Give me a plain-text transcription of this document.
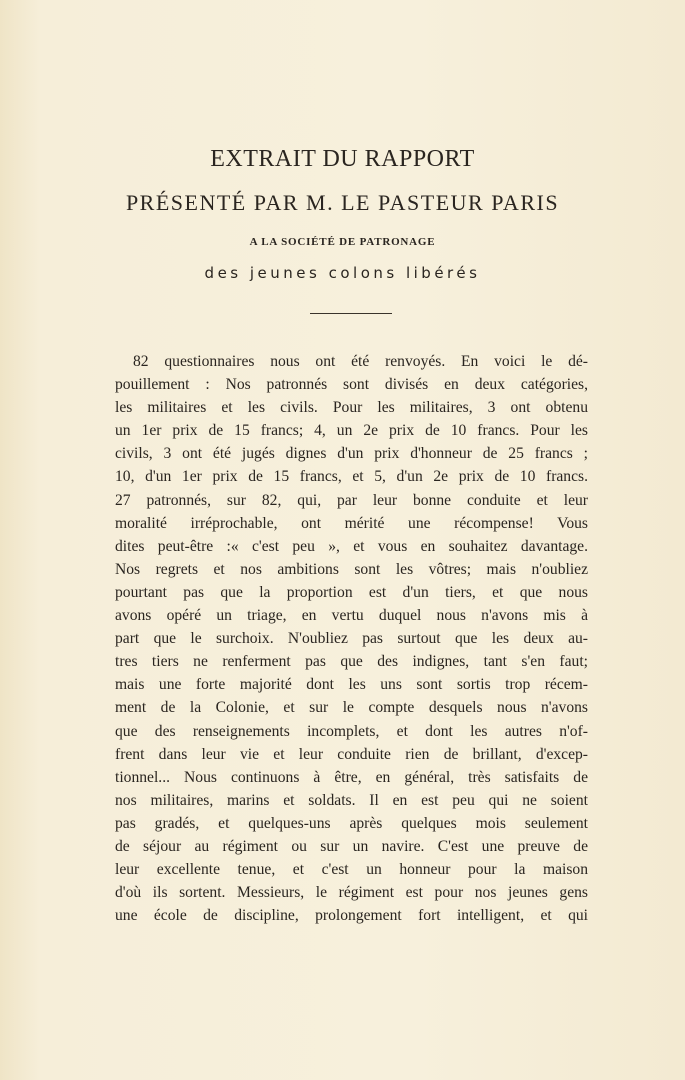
EXTRAIT DU RAPPORT
PRÉSENTÉ PAR M. LE PASTEUR PARIS
A LA SOCIÉTÉ DE PATRONAGE
des jeunes colons libérés
82 questionnaires nous ont été renvoyés. En voici le dé-
pouillement : Nos patronnés sont divisés en deux catégories,
les militaires et les civils. Pour les militaires, 3 ont obtenu
un 1er prix de 15 francs; 4, un 2e prix de 10 francs. Pour les
civils, 3 ont été jugés dignes d'un prix d'honneur de 25 francs ;
10, d'un 1er prix de 15 francs, et 5, d'un 2e prix de 10 francs.
27 patronnés, sur 82, qui, par leur bonne conduite et leur
moralité irréprochable, ont mérité une récompense! Vous
dites peut-être :« c'est peu », et vous en souhaitez davantage.
Nos regrets et nos ambitions sont les vôtres; mais n'oubliez
pourtant pas que la proportion est d'un tiers, et que nous
avons opéré un triage, en vertu duquel nous n'avons mis à
part que le surchoix. N'oubliez pas surtout que les deux au-
tres tiers ne renferment pas que des indignes, tant s'en faut;
mais une forte majorité dont les uns sont sortis trop récem-
ment de la Colonie, et sur le compte desquels nous n'avons
que des renseignements incomplets, et dont les autres n'of-
frent dans leur vie et leur conduite rien de brillant, d'excep-
tionnel... Nous continuons à être, en général, très satisfaits de
nos militaires, marins et soldats. Il en est peu qui ne soient
pas gradés, et quelques-uns après quelques mois seulement
de séjour au régiment ou sur un navire. C'est une preuve de
leur excellente tenue, et c'est un honneur pour la maison
d'où ils sortent. Messieurs, le régiment est pour nos jeunes gens
une école de discipline, prolongement fort intelligent, et qui
